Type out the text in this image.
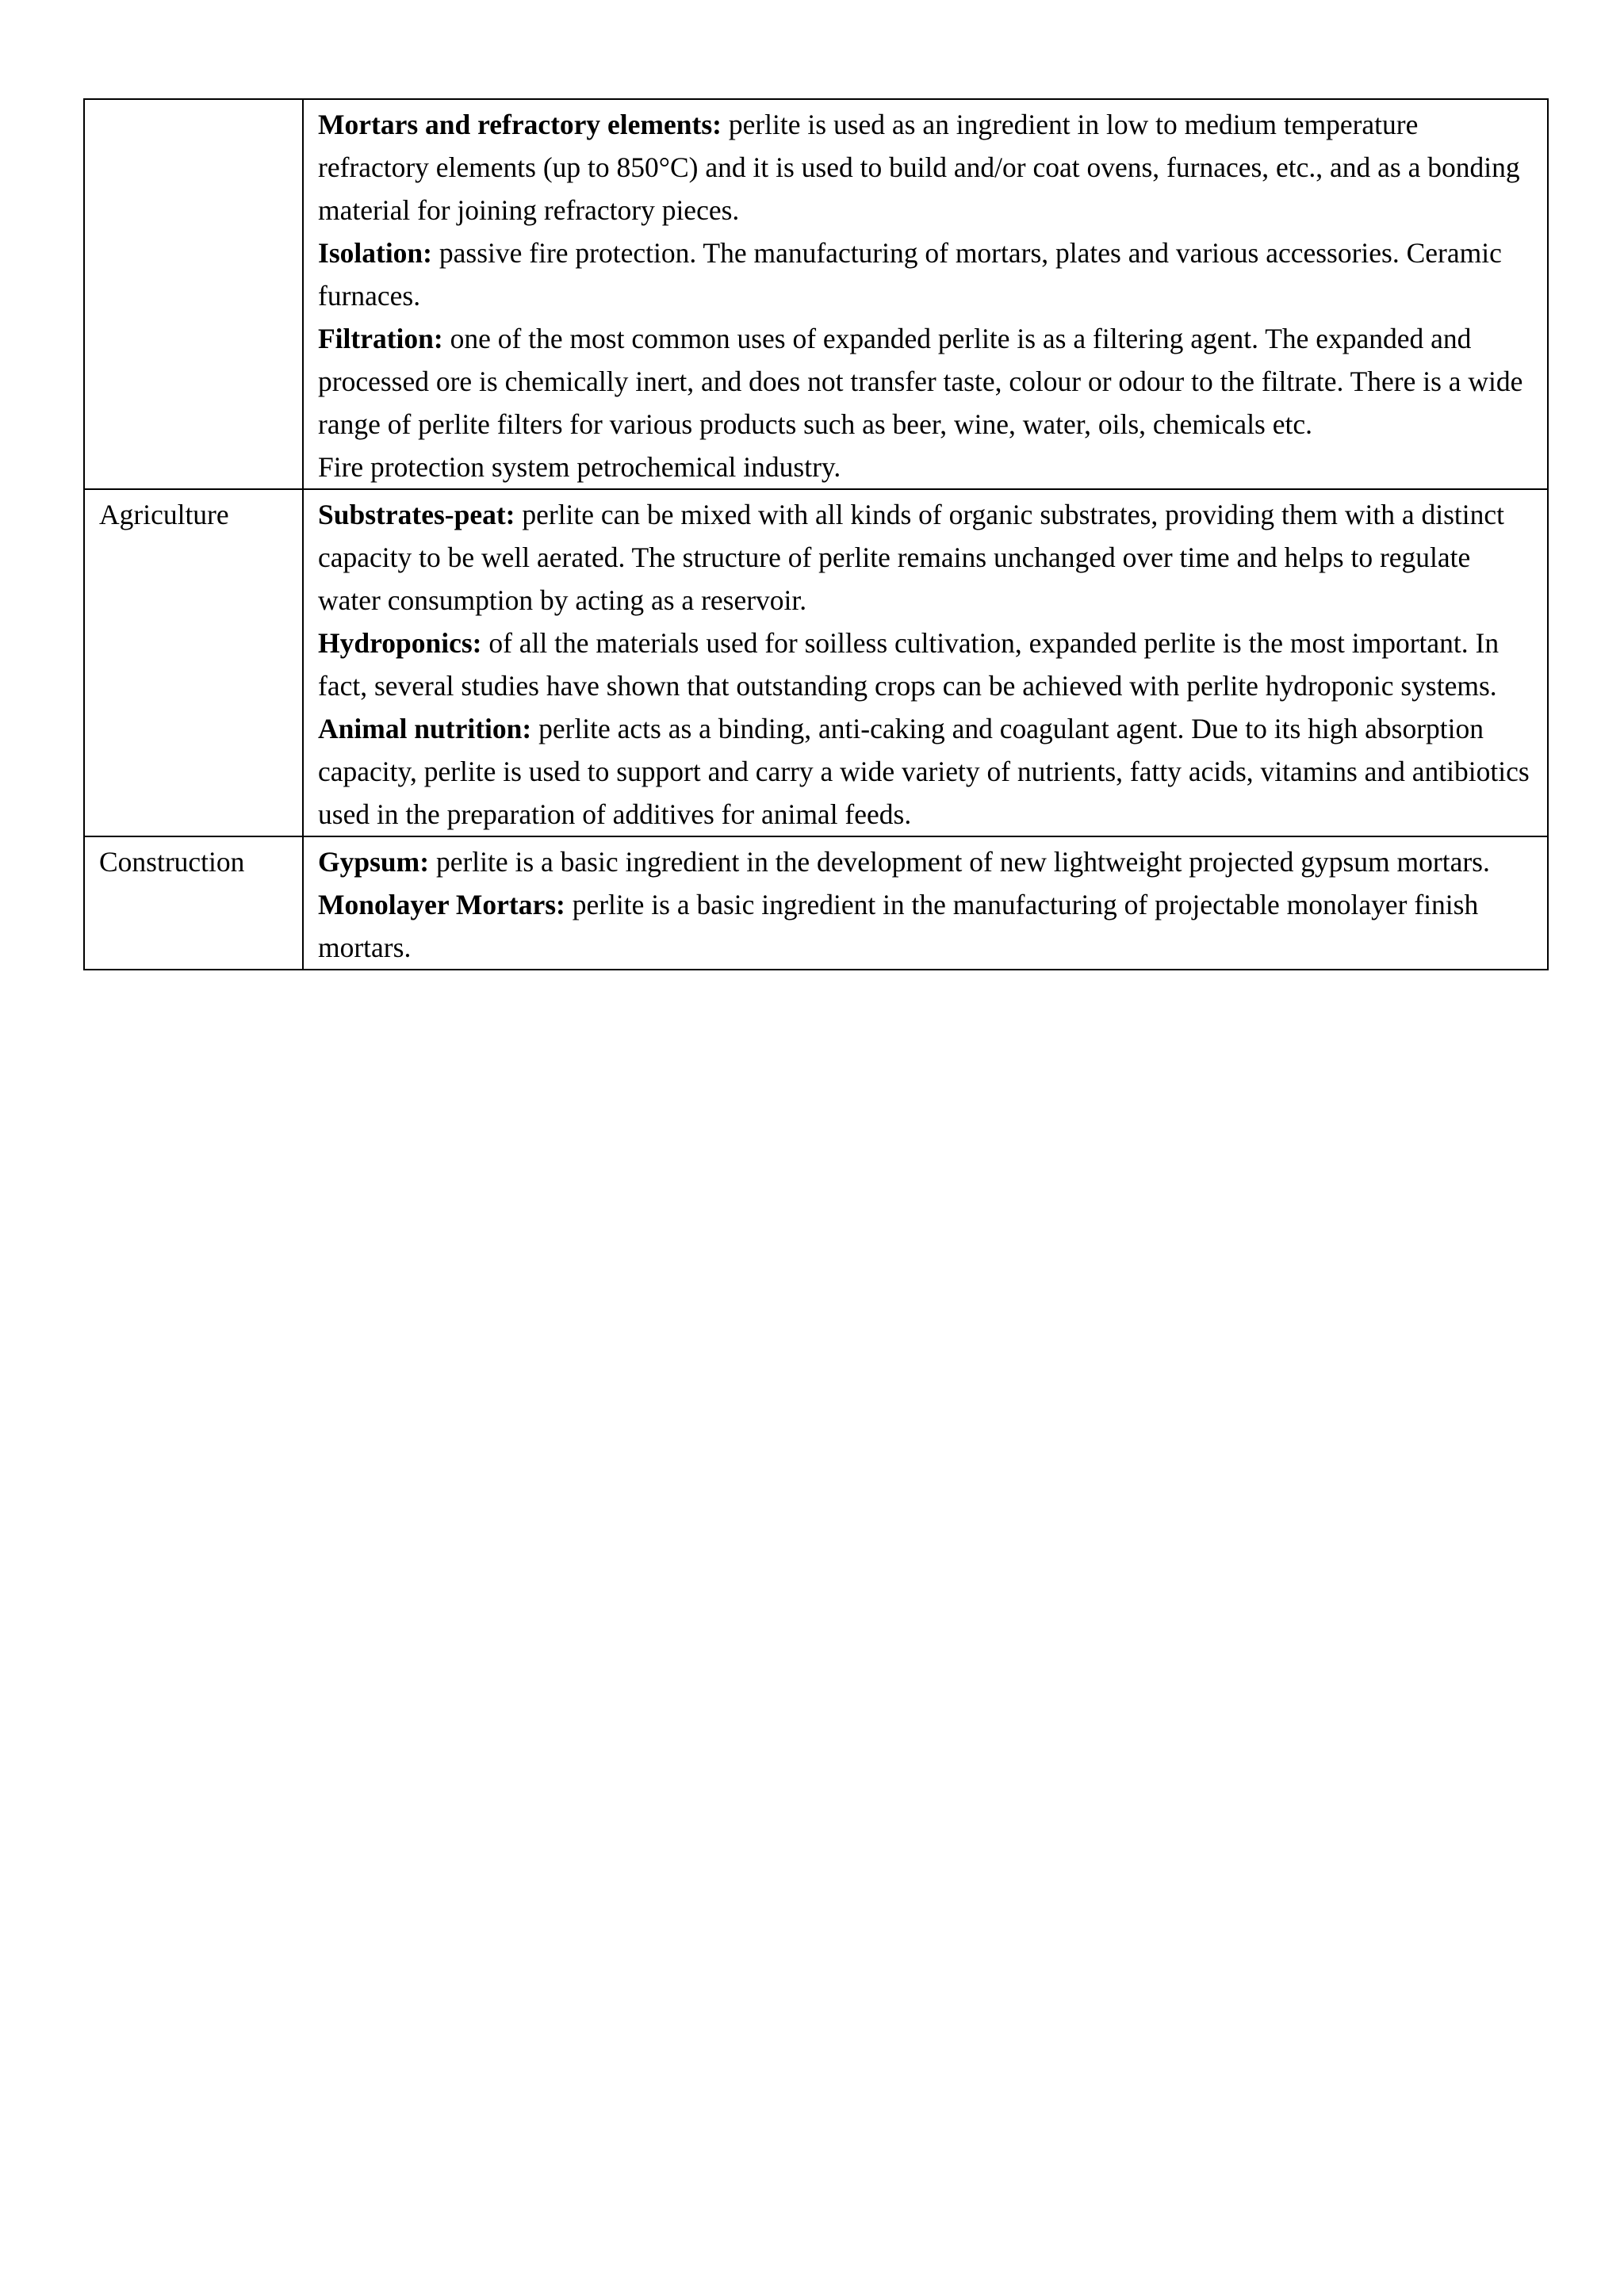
	Mortars and refractory elements: perlite is used as an ingredient in low to medium temperature refractory elements (up to 850°C) and it is used to build and/or coat ovens, furnaces, etc., and as a bonding material for joining refractory pieces.
Isolation: passive fire protection. The manufacturing of mortars, plates and various accessories. Ceramic furnaces.
Filtration: one of the most common uses of expanded perlite is as a filtering agent. The expanded and processed ore is chemically inert, and does not transfer taste, colour or odour to the filtrate. There is a wide range of perlite filters for various products such as beer, wine, water, oils, chemicals etc.
Fire protection system petrochemical industry.

Agriculture	Substrates-peat: perlite can be mixed with all kinds of organic substrates, providing them with a distinct capacity to be well aerated. The structure of perlite remains unchanged over time and helps to regulate water consumption by acting as a reservoir.
Hydroponics: of all the materials used for soilless cultivation, expanded perlite is the most important. In fact, several studies have shown that outstanding crops can be achieved with perlite hydroponic systems.
Animal nutrition: perlite acts as a binding, anti-caking and coagulant agent. Due to its high absorption capacity, perlite is used to support and carry a wide variety of nutrients, fatty acids, vitamins and antibiotics used in the preparation of additives for animal feeds.

Construction	Gypsum: perlite is a basic ingredient in the development of new lightweight projected gypsum mortars.
Monolayer Mortars: perlite is a basic ingredient in the manufacturing of projectable monolayer finish mortars.
